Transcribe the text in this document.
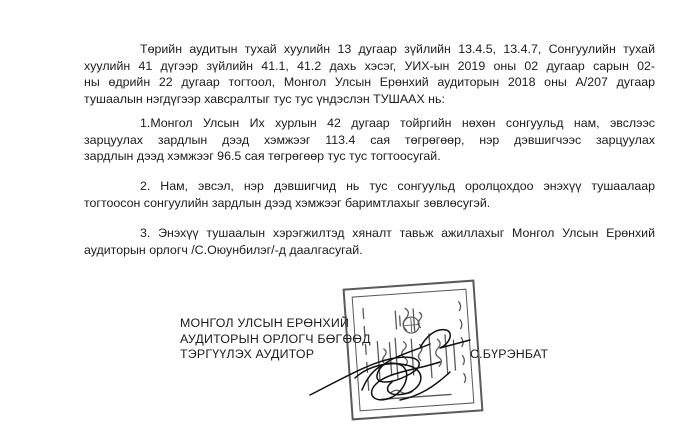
Төрийн аудитын тухай хуулийн 13 дугаар зүйлийн 13.4.5, 13.4.7, Сонгуулийн тухай
хуулийн 41 дүгээр зүйлийн 41.1, 41.2 дахь хэсэг, УИХ-ын 2019 оны 02 дугаар сарын 02-
ны өдрийн 22 дугаар тогтоол, Монгол Улсын Ерөнхий аудиторын 2018 оны А/207 дугаар
тушаалын нэгдүгээр хавсралтыг тус тус үндэслэн ТУШААХ нь:
1.Монгол Улсын Их хурлын 42 дугаар тойргийн нөхөн сонгуульд нам, эвслээс
зарцуулах зардлын дээд хэмжээг 113.4 сая төгрөгөөр, нэр дэвшигчээс зарцуулах
зардлын дээд хэмжээг 96.5 сая төгрөгөөр тус тус тогтоосугай.
2. Нам, эвсэл, нэр дэвшигчид нь тус сонгуульд оролцохдоо энэхүү тушаалаар
тогтоосон сонгуулийн зардлын дээд хэмжээг баримтлахыг зөвлөсугэй.
3. Энэхүү тушаалын хэрэгжилтэд хяналт тавьж ажиллахыг Монгол Улсын Ерөнхий
аудиторын орлогч /С.Оюунбилэг/-д даалгасугай.
МОНГОЛ УЛСЫН ЕРӨНХИЙ
АУДИТОРЫН ОРЛОГЧ БӨГӨӨД
ТЭРГҮҮЛЭХ АУДИТОР	С.БҮРЭНБАТ
